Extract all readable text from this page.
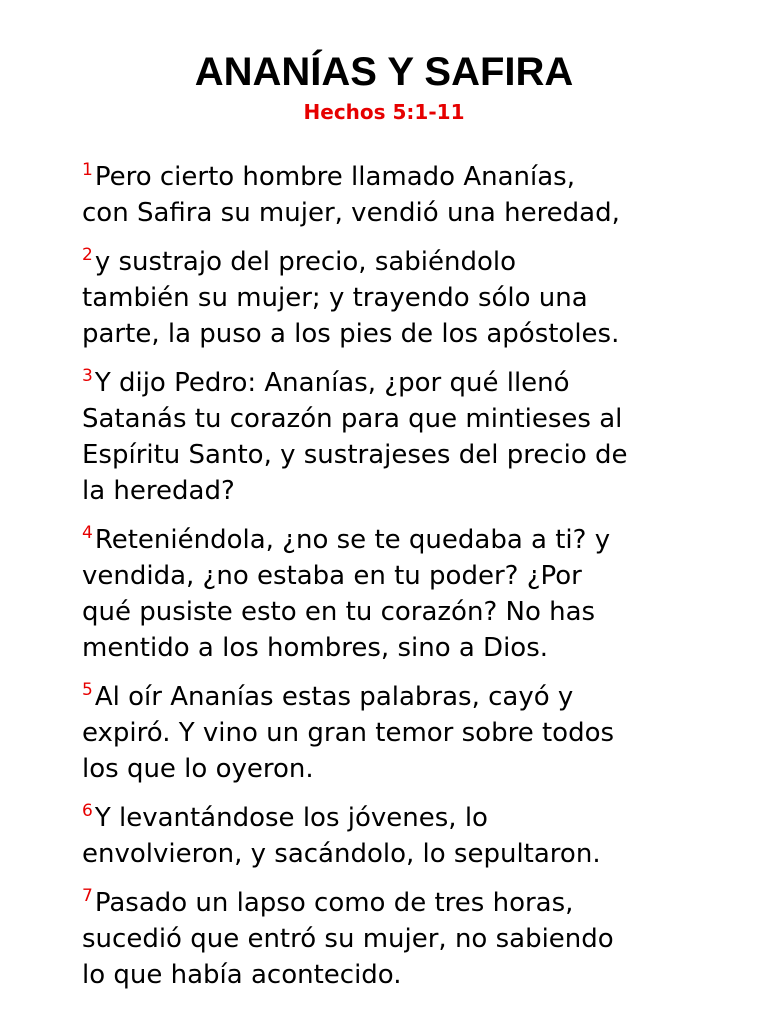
ANANÍAS Y SAFIRA
Hechos 5:1-11
$^1$Pero cierto hombre llamado Ananías,
con Safira su mujer, vendió una heredad,
$^2$y sustrajo del precio, sabiéndolo
también su mujer; y trayendo sólo una
parte, la puso a los pies de los apóstoles.
$^3$Y dijo Pedro: Ananías, ¿por qué llenó
Satanás tu corazón para que mintieses al
Espíritu Santo, y sustrajeses del precio de
la heredad?
$^4$Reteniéndola, ¿no se te quedaba a ti? y
vendida, ¿no estaba en tu poder? ¿Por
qué pusiste esto en tu corazón? No has
mentido a los hombres, sino a Dios.
$^5$Al oír Ananías estas palabras, cayó y
expiró. Y vino un gran temor sobre todos
los que lo oyeron.
$^6$Y levantándose los jóvenes, lo
envolvieron, y sacándolo, lo sepultaron.
$^7$Pasado un lapso como de tres horas,
sucedió que entró su mujer, no sabiendo
lo que había acontecido.
